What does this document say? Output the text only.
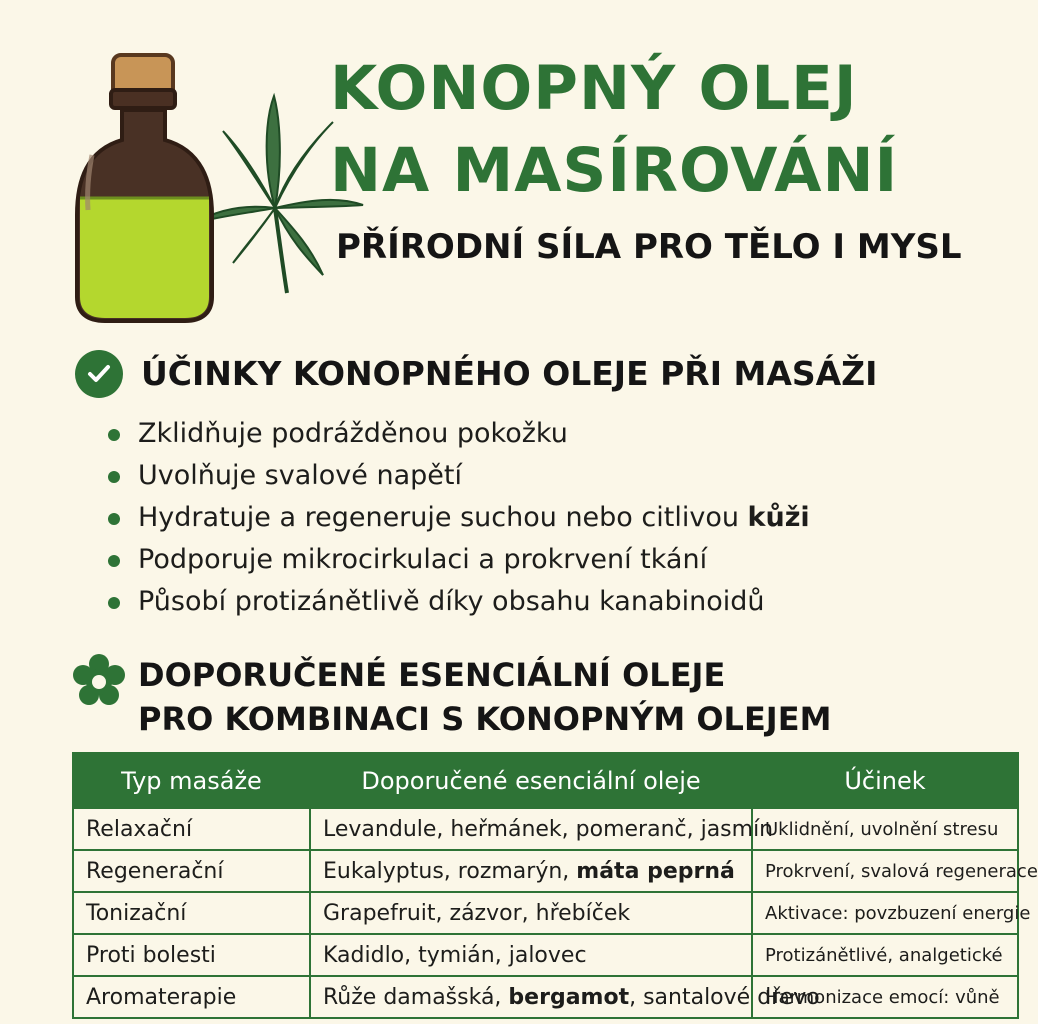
KONOPNÝ OLEJ
NA MASÍROVÁNÍ
PŘÍRODNÍ SÍLA PRO TĚLO I MYSL
ÚČINKY KONOPNÉHO OLEJE PŘI MASÁŽI
Zklidňuje podrážděnou pokožku
Uvolňuje svalové napětí
Hydratuje a regeneruje suchou nebo citlivou kůži
Podporuje mikrocirkulaci a prokrvení tkání
Působí protizánětlivě díky obsahu kanabinoidů
DOPORUČENÉ ESENCIÁLNÍ OLEJE
PRO KOMBINACI S KONOPNÝM OLEJEM
Typ masáže	Doporučené esenciální oleje	Účinek
Relaxační	Levandule, heřmánek, pomeranč, jasmín	Uklidnění, uvolnění stresu
Regenerační	Eukalyptus, rozmarýn, máta peprná	Prokrvení, svalová regenerace
Tonizační	Grapefruit, zázvor, hřebíček	Aktivace: povzbuzení energie
Proti bolesti	Kadidlo, tymián, jalovec	Protizánětlivé, analgetické
Aromaterapie	Růže damašská, bergamot, santalové dřevo	Harmonizace emocí: vůně
